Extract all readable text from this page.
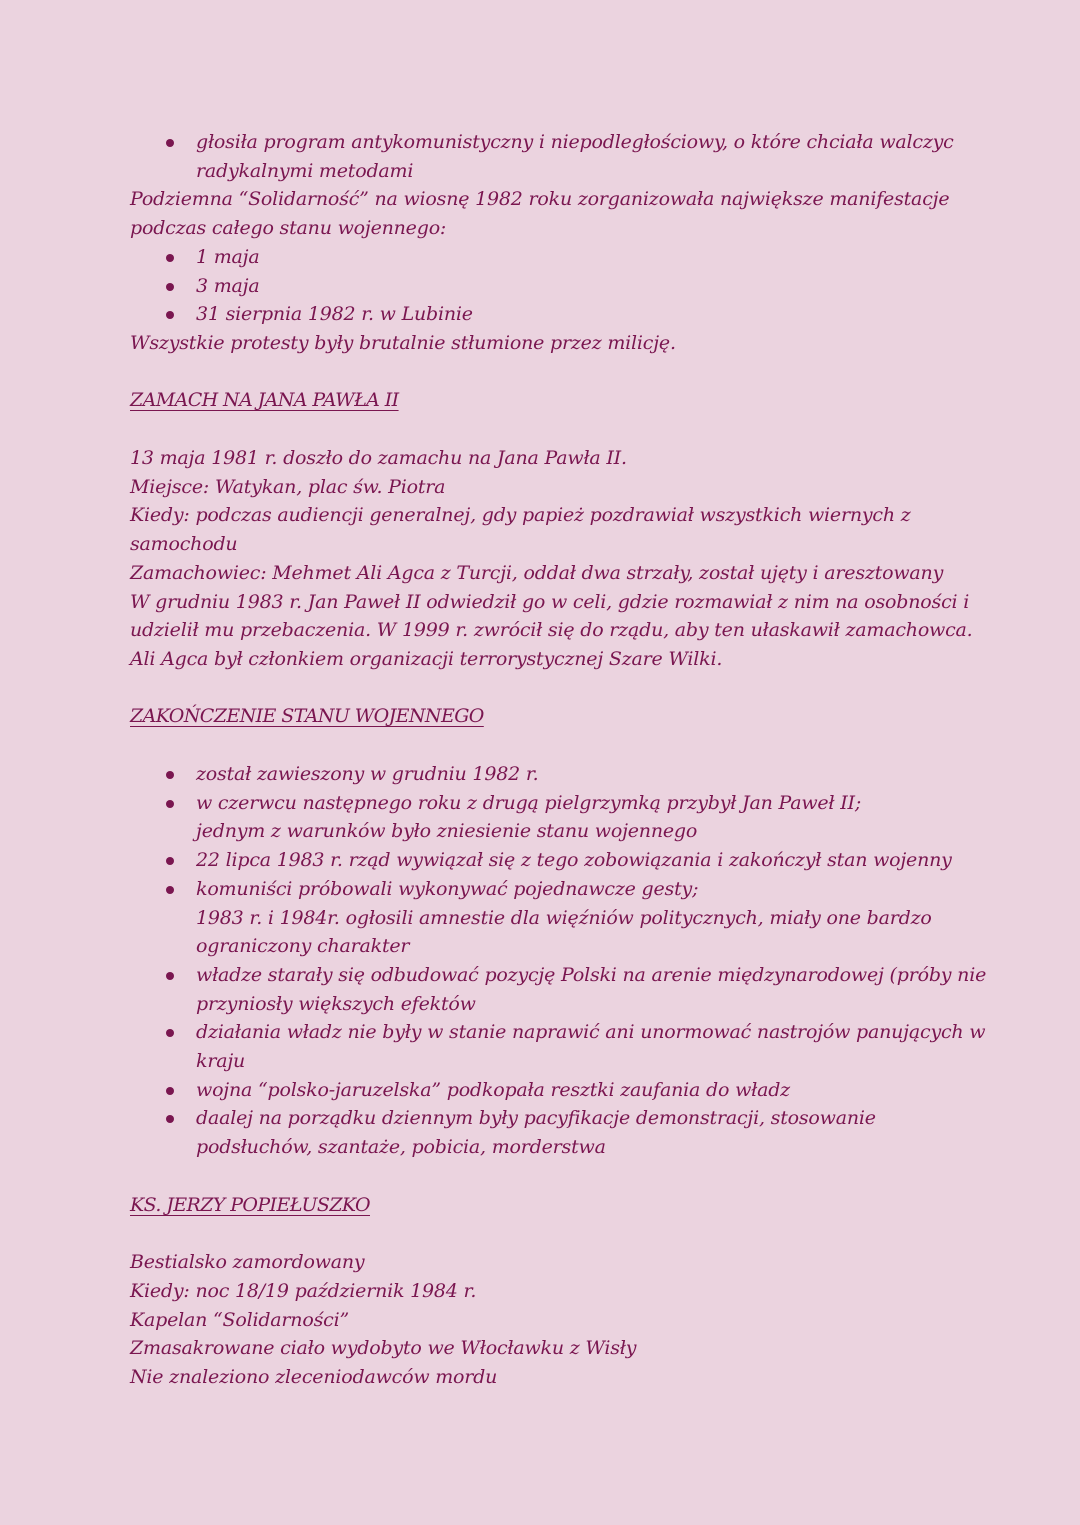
głosiła program antykomunistyczny i niepodległościowy, o które chciała walczyc
radykalnymi metodami
Podziemna “Solidarność” na wiosnę 1982 roku zorganizowała największe manifestacje
podczas całego stanu wojennego:
1 maja
3 maja
31 sierpnia 1982 r. w Lubinie
Wszystkie protesty były brutalnie stłumione przez milicję.
ZAMACH NA JANA PAWŁA II
13 maja 1981 r. doszło do zamachu na Jana Pawła II.
Miejsce: Watykan, plac św. Piotra
Kiedy: podczas audiencji generalnej, gdy papież pozdrawiał wszystkich wiernych z
samochodu
Zamachowiec: Mehmet Ali Agca z Turcji, oddał dwa strzały, został ujęty i aresztowany
W grudniu 1983 r. Jan Paweł II odwiedził go w celi, gdzie rozmawiał z nim na osobności i
udzielił mu przebaczenia. W 1999 r. zwrócił się do rządu, aby ten ułaskawił zamachowca.
Ali Agca był członkiem organizacji terrorystycznej Szare Wilki.
ZAKOŃCZENIE STANU WOJENNEGO
został zawieszony w grudniu 1982 r.
w czerwcu następnego roku z drugą pielgrzymką przybył Jan Paweł II;
jednym z warunków było zniesienie stanu wojennego
22 lipca 1983 r. rząd wywiązał się z tego zobowiązania i zakończył stan wojenny
komuniści próbowali wykonywać pojednawcze gesty;
1983 r. i 1984r. ogłosili amnestie dla więźniów politycznych, miały one bardzo
ograniczony charakter
władze starały się odbudować pozycję Polski na arenie międzynarodowej (próby nie
przyniosły większych efektów
działania władz nie były w stanie naprawić ani unormować nastrojów panujących w
kraju
wojna “polsko-jaruzelska” podkopała resztki zaufania do władz
daalej na porządku dziennym były pacyfikacje demonstracji, stosowanie
podsłuchów, szantaże, pobicia, morderstwa
KS. JERZY POPIEŁUSZKO
Bestialsko zamordowany
Kiedy: noc 18/19 październik 1984 r.
Kapelan “Solidarności”
Zmasakrowane ciało wydobyto we Włocławku z Wisły
Nie znaleziono zleceniodawców mordu
